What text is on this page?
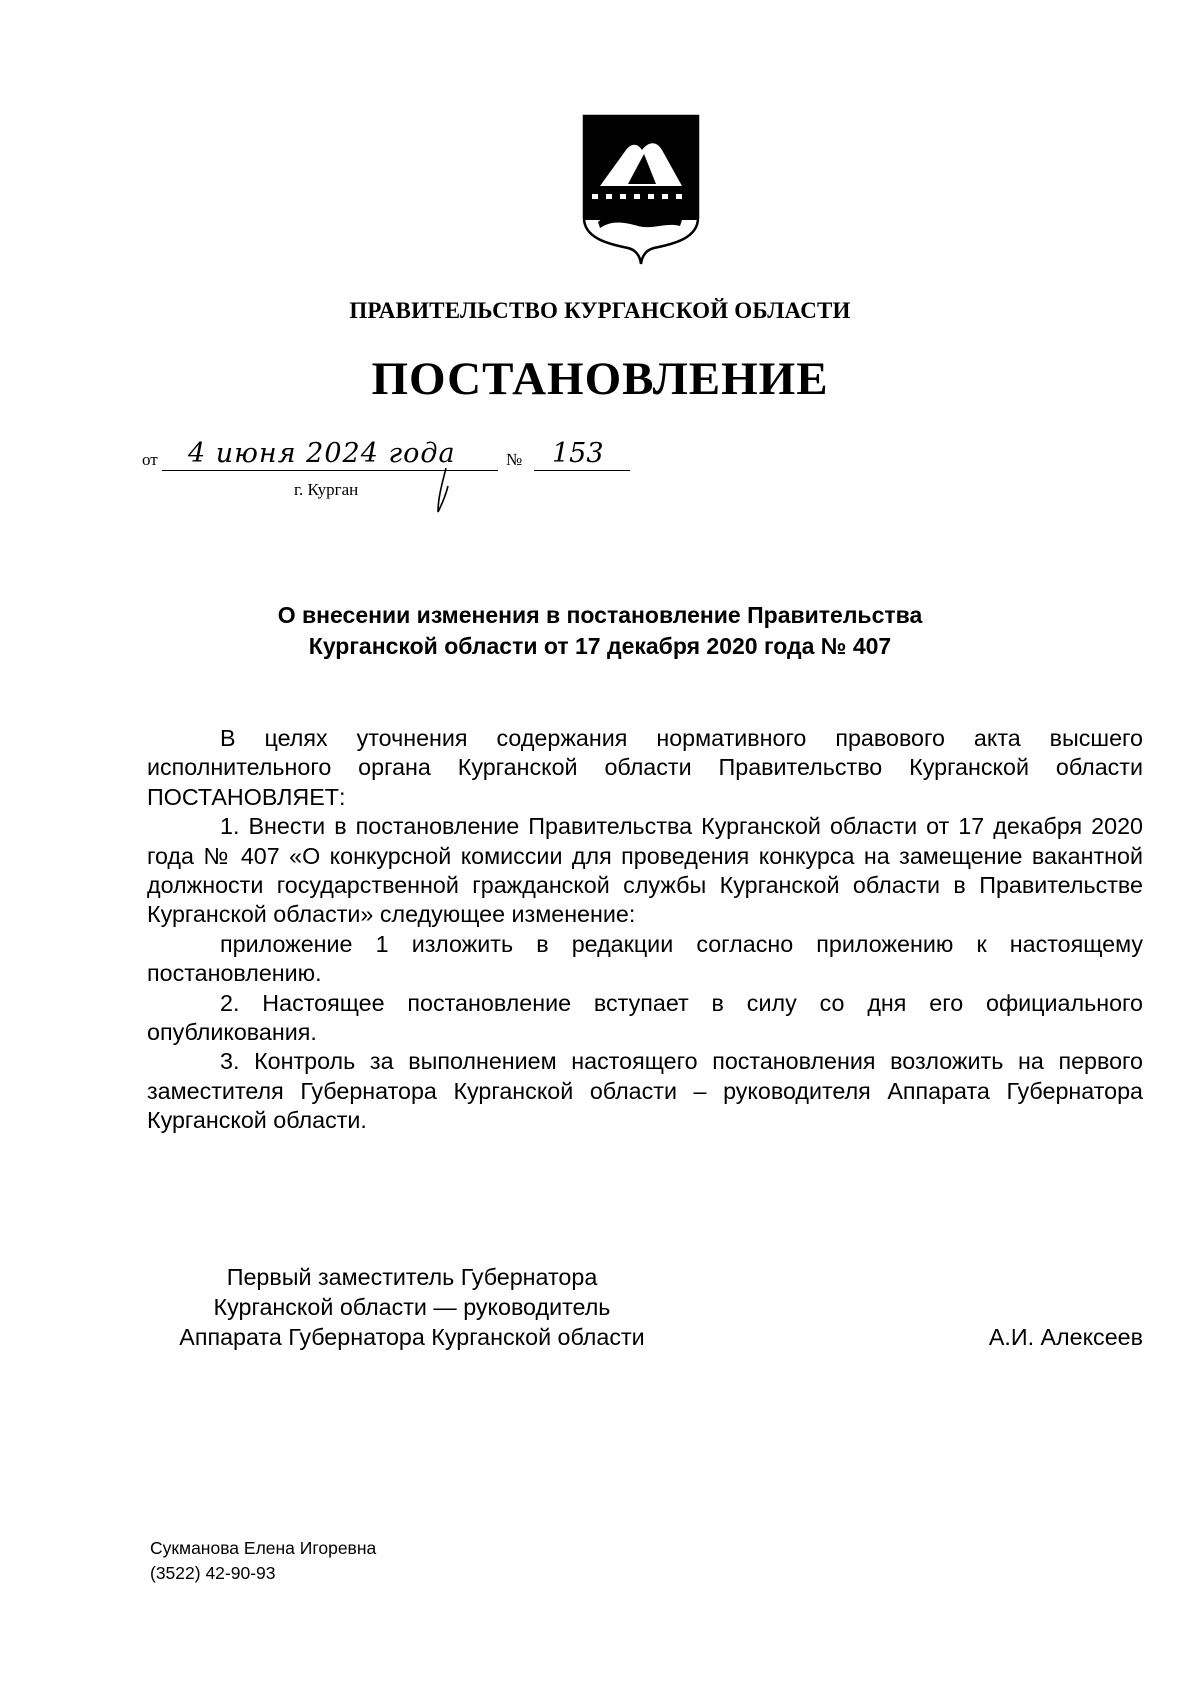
ПРАВИТЕЛЬСТВО КУРГАНСКОЙ ОБЛАСТИ
ПОСТАНОВЛЕНИЕ
от 4 июня 2024 года	№ 153
г. Курган
О внесении изменения в постановление Правительства
Курганской области от 17 декабря 2020 года № 407

В целях уточнения содержания нормативного правового акта высшего исполнительного органа Курганской области Правительство Курганской области ПОСТАНОВЛЯЕТ:

1. Внести в постановление Правительства Курганской области от 17 декабря 2020 года № 407 «О конкурсной комиссии для проведения конкурса на замещение вакантной должности государственной гражданской службы Курганской области в Правительстве Курганской области» следующее изменение:

приложение 1 изложить в редакции согласно приложению к настоящему постановлению.

2. Настоящее постановление вступает в силу со дня его официального опубликования.

3. Контроль за выполнением настоящего постановления возложить на первого заместителя Губернатора Курганской области – руководителя Аппарата Губернатора Курганской области.

Первый заместитель Губернатора
Курганской области — руководитель
Аппарата Губернатора Курганской области	А.И. Алексеев
Сукманова Елена Игоревна
(3522) 42-90-93
